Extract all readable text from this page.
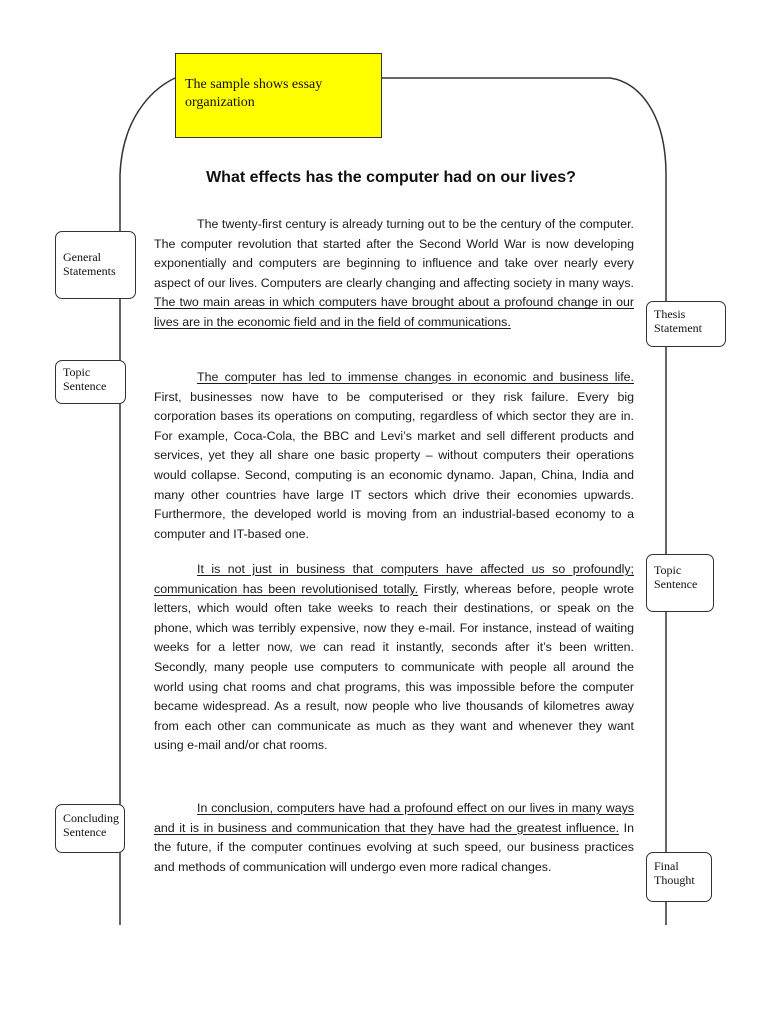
The sample shows essay organization
What effects has the computer had on our lives?

The twenty-first century is already turning out to be the century of the computer. The computer revolution that started after the Second World War is now developing exponentially and computers are beginning to influence and take over nearly every aspect of our lives. Computers are clearly changing and affecting society in many ways. The two main areas in which computers have brought about a profound change in our lives are in the economic field and in the field of communications.

The computer has led to immense changes in economic and business life. First, businesses now have to be computerised or they risk failure. Every big corporation bases its operations on computing, regardless of which sector they are in. For example, Coca-Cola, the BBC and Levi’s market and sell different products and services, yet they all share one basic property – without computers their operations would collapse. Second, computing is an economic dynamo. Japan, China, India and many other countries have large IT sectors which drive their economies upwards. Furthermore, the developed world is moving from an industrial-based economy to a computer and IT-based one.

It is not just in business that computers have affected us so profoundly; communication has been revolutionised totally. Firstly, whereas before, people wrote letters, which would often take weeks to reach their destinations, or speak on the phone, which was terribly expensive, now they e-mail. For instance, instead of waiting weeks for a letter now, we can read it instantly, seconds after it’s been written. Secondly, many people use computers to communicate with people all around the world using chat rooms and chat programs, this was impossible before the computer became widespread. As a result, now people who live thousands of kilometres away from each other can communicate as much as they want and whenever they want using e-mail and/or chat rooms.

In conclusion, computers have had a profound effect on our lives in many ways and it is in business and communication that they have had the greatest influence. In the future, if the computer continues evolving at such speed, our business practices and methods of communication will undergo even more radical changes.

General Statements
Topic Sentence
Concluding Sentence
Thesis Statement
Topic Sentence
Final Thought
